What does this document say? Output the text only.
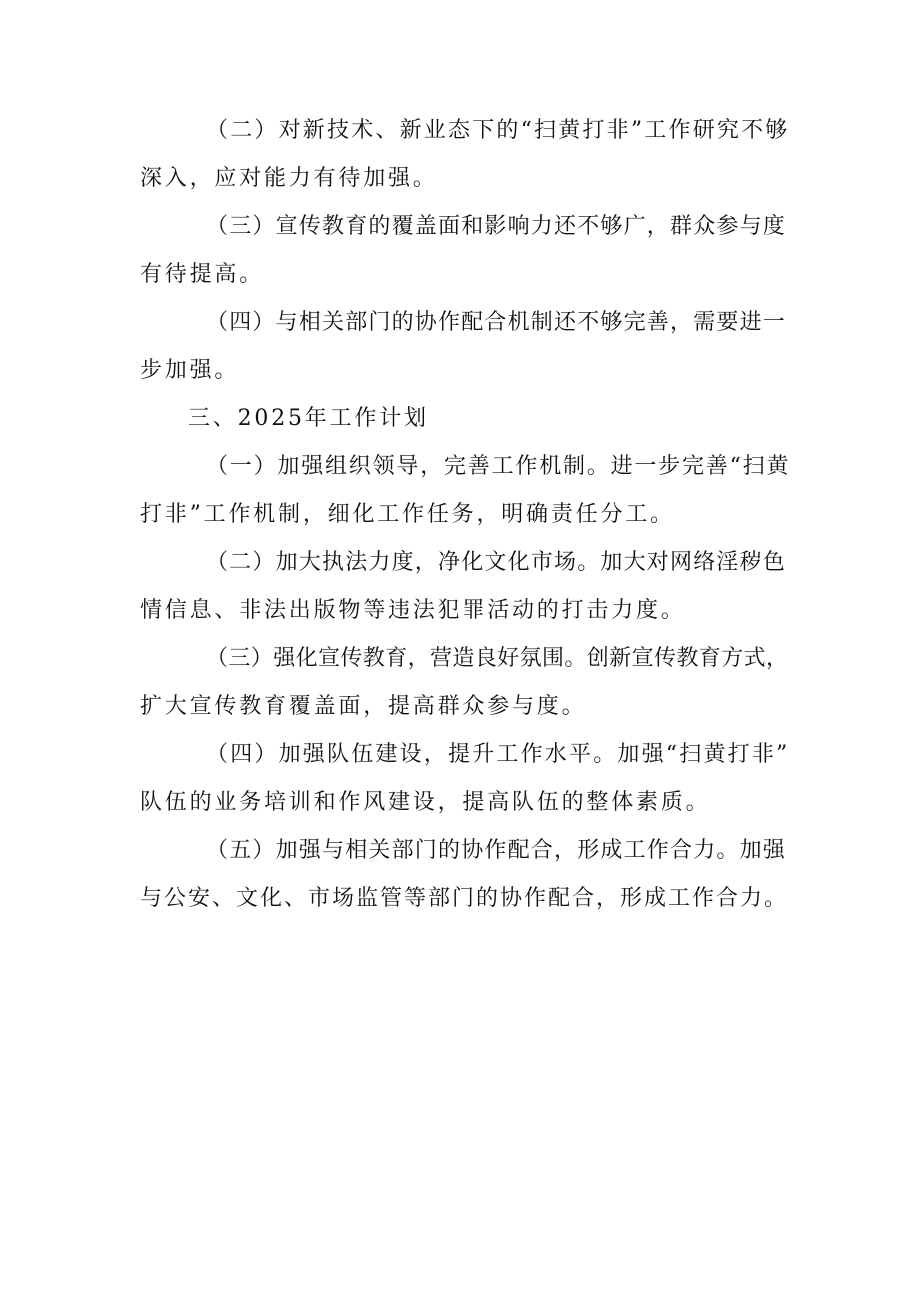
（二）对新技术、新业态下的“扫黄打非”工作研究不够
深入，应对能力有待加强。

（三）宣传教育的覆盖面和影响力还不够广，群众参与度
有待提高。

（四）与相关部门的协作配合机制还不够完善，需要进一
步加强。

三、2025年工作计划

（一）加强组织领导，完善工作机制。进一步完善“扫黄
打非”工作机制，细化工作任务，明确责任分工。

（二）加大执法力度，净化文化市场。加大对网络淫秽色
情信息、非法出版物等违法犯罪活动的打击力度。

（三）强化宣传教育，营造良好氛围。创新宣传教育方式，
扩大宣传教育覆盖面，提高群众参与度。

（四）加强队伍建设，提升工作水平。加强“扫黄打非”
队伍的业务培训和作风建设，提高队伍的整体素质。

（五）加强与相关部门的协作配合，形成工作合力。加强
与公安、文化、市场监管等部门的协作配合，形成工作合力。
